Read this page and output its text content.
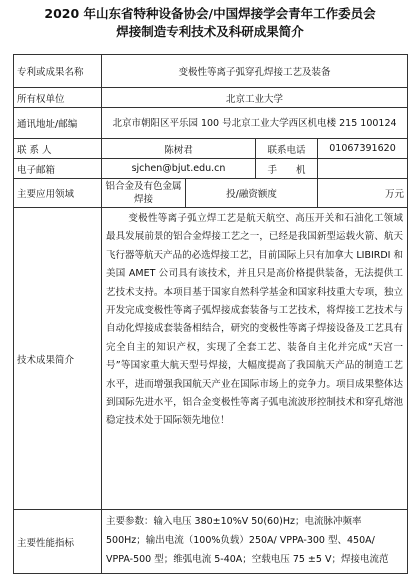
2020 年山东省特种设备协会/中国焊接学会青年工作委员会
焊接制造专利技术及科研成果简介
专利或成果名称	变极性等离子弧穿孔焊接工艺及装备			
所有权单位	北京工业大学			
通讯地址/邮编	北京市朝阳区平乐园 100 号北京工业大学西区机电楼 215 100124			
联 系 人	陈树君		联系电话	01067391620
电子邮箱	sjchen@bjut.edu.cn		手　　机	
主要应用领域	铝合金及有色金属焊接	投/融资额度		万元
技术成果简介	变极性等离子弧立焊工艺是航天航空、高压开关和石油化工领域最具发展前景的铝合金焊接工艺之一，已经是我国新型运载火箭、航天飞行器等航天产品的必选焊接工艺，目前国际上只有加拿大 LIBIRDI 和美国 AMET 公司具有该技术，并且只是高价格提供装备，无法提供工艺技术支持。本项目基于国家自然科学基金和国家科技重大专项，独立开发完成变极性等离子弧焊接成套装备与工艺技术，将焊接工艺技术与自动化焊接成套装备相结合，研究的变极性等离子焊接设备及工艺具有完全自主的知识产权，实现了全套工艺、装备自主化并完成“天宫一号”等国家重大航天型号焊接，大幅度提高了我国航天产品的制造工艺水平，进而增强我国航天产业在国际市场上的竞争力。项目成果整体达到国际先进水平，铝合金变极性等离子弧电流波形控制技术和穿孔熔池稳定技术处于国际领先地位！			
主要性能指标	主要参数：输入电压 380±10%V 50(60)Hz；电流脉冲频率 500Hz；输出电流（100%负载）250A/ VPPA-300 型、450A/ VPPA-500 型；维弧电流 5-40A；空载电压 75 ±5 V；焊接电流范			
